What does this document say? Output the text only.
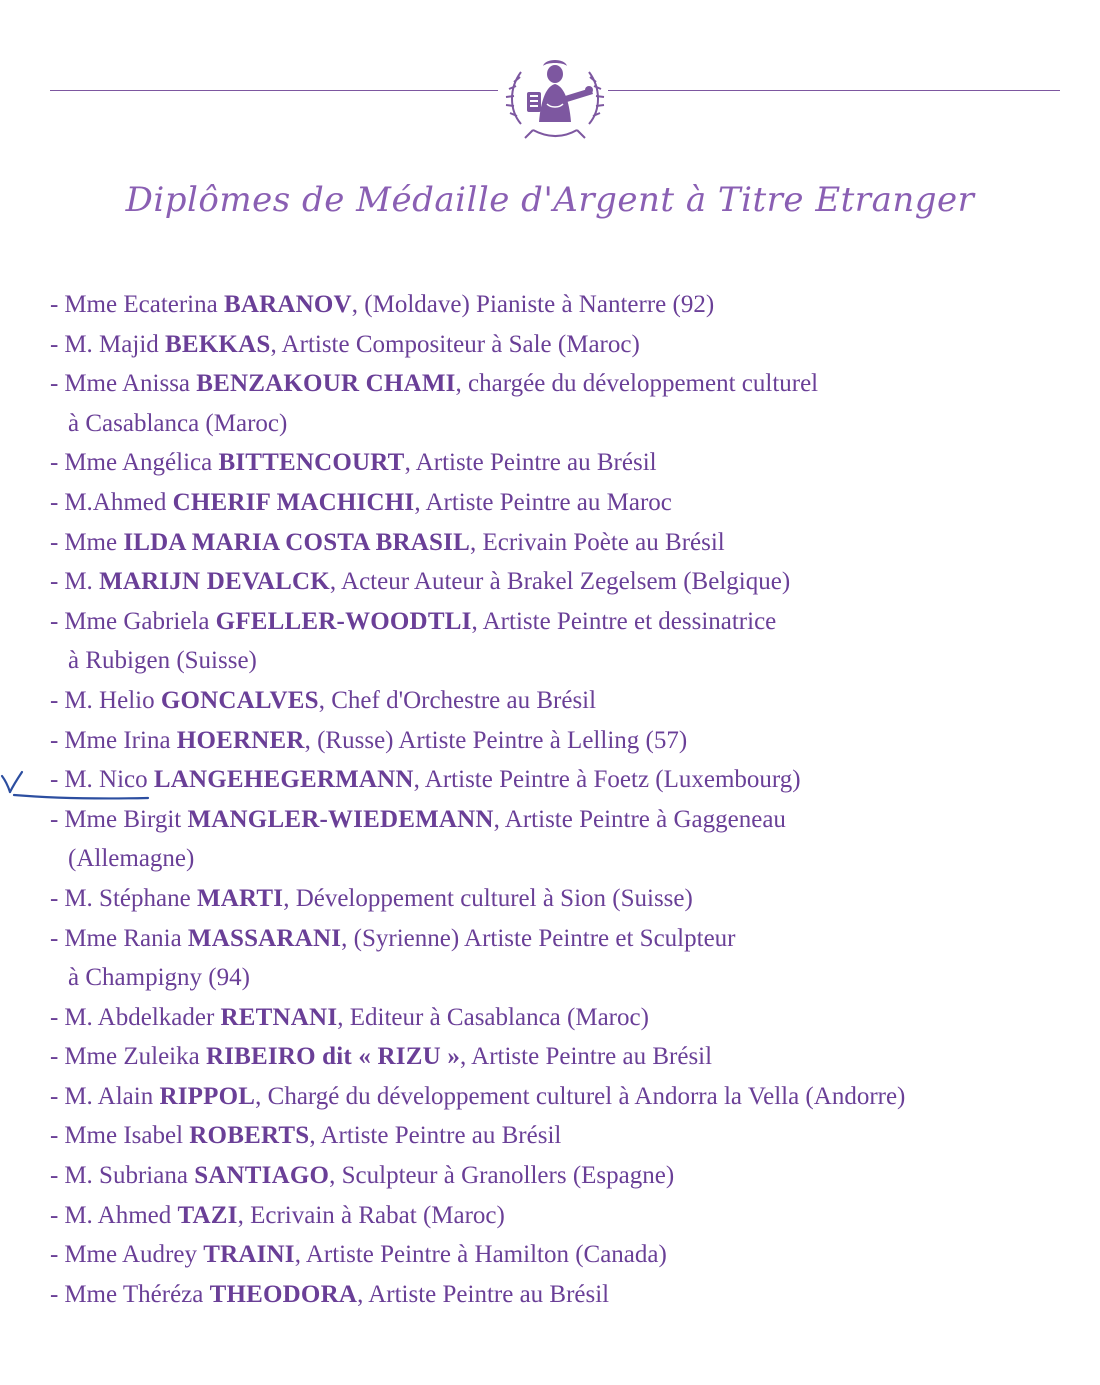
Diplômes de Médaille d'Argent à Titre Etranger
- Mme Ecaterina BARANOV, (Moldave) Pianiste à Nanterre (92)
- M. Majid BEKKAS, Artiste Compositeur à Sale (Maroc)
- Mme Anissa BENZAKOUR CHAMI, chargée du développement culturel
à Casablanca (Maroc)
- Mme Angélica BITTENCOURT, Artiste Peintre au Brésil
- M.Ahmed CHERIF MACHICHI, Artiste Peintre au Maroc
- Mme ILDA MARIA COSTA BRASIL, Ecrivain Poète au Brésil
- M. MARIJN DEVALCK, Acteur Auteur à Brakel Zegelsem (Belgique)
- Mme Gabriela GFELLER-WOODTLI, Artiste Peintre et dessinatrice
à Rubigen (Suisse)
- M. Helio GONCALVES, Chef d'Orchestre au Brésil
- Mme Irina HOERNER, (Russe) Artiste Peintre à Lelling (57)
- M. Nico LANGEHEGERMANN, Artiste Peintre à Foetz (Luxembourg)
- Mme Birgit MANGLER-WIEDEMANN, Artiste Peintre à Gaggeneau
(Allemagne)
- M. Stéphane MARTI, Développement culturel à Sion (Suisse)
- Mme Rania MASSARANI, (Syrienne) Artiste Peintre et Sculpteur
à Champigny (94)
- M. Abdelkader RETNANI, Editeur à Casablanca (Maroc)
- Mme Zuleika RIBEIRO dit « RIZU », Artiste Peintre au Brésil
- M. Alain RIPPOL, Chargé du développement culturel à Andorra la Vella (Andorre)
- Mme Isabel ROBERTS, Artiste Peintre au Brésil
- M. Subriana SANTIAGO, Sculpteur à Granollers (Espagne)
- M. Ahmed TAZI, Ecrivain à Rabat (Maroc)
- Mme Audrey TRAINI, Artiste Peintre à Hamilton (Canada)
- Mme Théréza THEODORA, Artiste Peintre au Brésil
